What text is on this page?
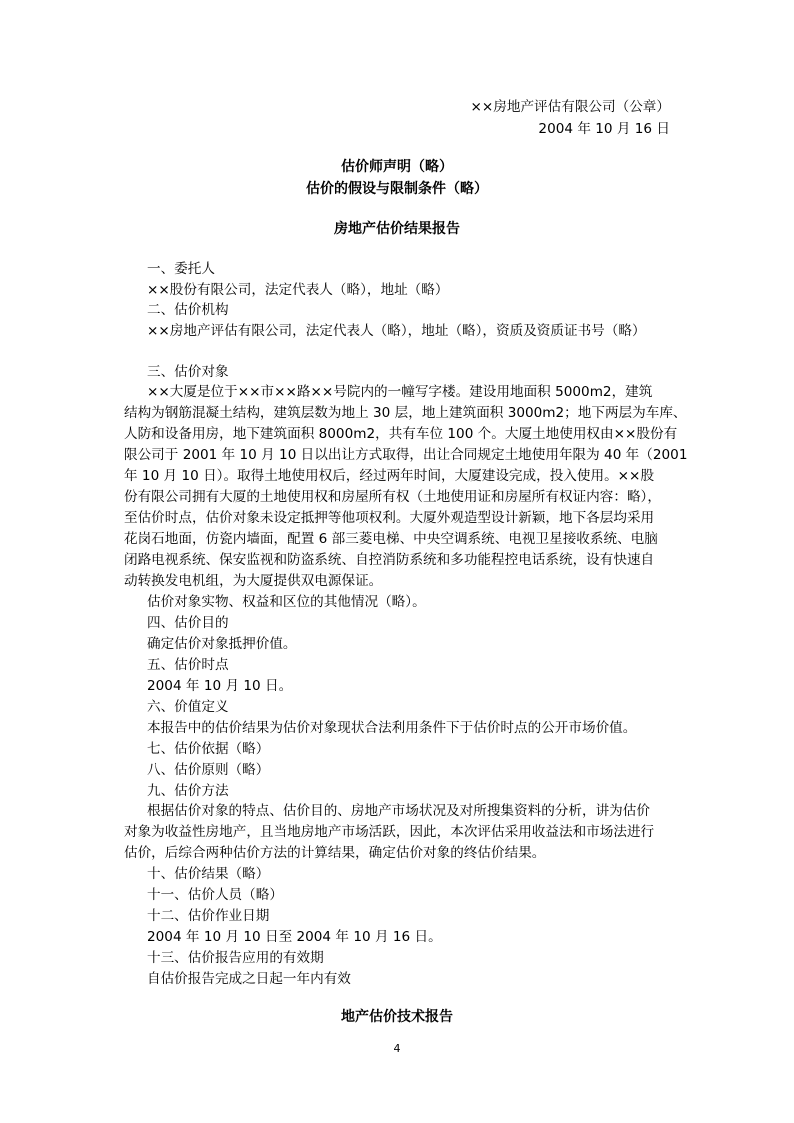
××房地产评估有限公司（公章）

2004 年 10 月 16 日

估价师声明（略）

估价的假设与限制条件（略）

房地产估价结果报告

一、委托人

××股份有限公司，法定代表人（略），地址（略）

二、估价机构

××房地产评估有限公司，法定代表人（略），地址（略），资质及资质证书号（略）

三、估价对象

××大厦是位于××市××路××号院内的一幢写字楼。建设用地面积 5000m2，建筑

结构为钢筋混凝土结构，建筑层数为地上 30 层，地上建筑面积 3000m2；地下两层为车库、

人防和设备用房，地下建筑面积 8000m2，共有车位 100 个。大厦土地使用权由××股份有

限公司于 2001 年 10 月 10 日以出让方式取得，出让合同规定土地使用年限为 40 年（2001

年 10 月 10 日）。取得土地使用权后，经过两年时间，大厦建设完成，投入使用。××股

份有限公司拥有大厦的土地使用权和房屋所有权（土地使用证和房屋所有权证内容：略），

至估价时点，估价对象未设定抵押等他项权利。大厦外观造型设计新颖，地下各层均采用

花岗石地面，仿瓷内墙面，配置 6 部三菱电梯、中央空调系统、电视卫星接收系统、电脑

闭路电视系统、保安监视和防盗系统、自控消防系统和多功能程控电话系统，设有快速自

动转换发电机组，为大厦提供双电源保证。

估价对象实物、权益和区位的其他情况（略）。

四、估价目的

确定估价对象抵押价值。

五、估价时点

2004 年 10 月 10 日。

六、价值定义

本报告中的估价结果为估价对象现状合法利用条件下于估价时点的公开市场价值。

七、估价依据（略）

八、估价原则（略）

九、估价方法

根据估价对象的特点、估价目的、房地产市场状况及对所搜集资料的分析，讲为估价

对象为收益性房地产，且当地房地产市场活跃，因此，本次评估采用收益法和市场法进行

估价，后综合两种估价方法的计算结果，确定估价对象的终估价结果。

十、估价结果（略）

十一、估价人员（略）

十二、估价作业日期

2004 年 10 月 10 日至 2004 年 10 月 16 日。

十三、估价报告应用的有效期

自估价报告完成之日起一年内有效

地产估价技术报告

4
